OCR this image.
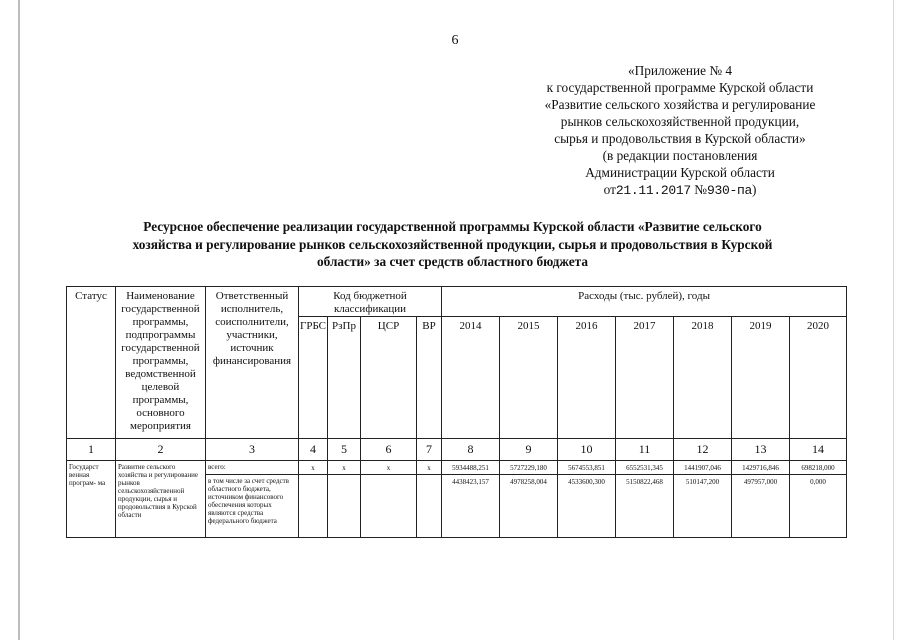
6
«Приложение № 4
к государственной программе Курской области
«Развитие сельского хозяйства и регулирование
рынков сельскохозяйственной продукции,
сырья и продовольствия в Курской области»
(в редакции постановления
Администрации Курской области
от21.11.2017 №930-па)
Ресурсное обеспечение реализации государственной программы Курской области «Развитие сельского
хозяйства и регулирование рынков сельскохозяйственной продукции, сырья и продовольствия в Курской
области» за счет средств областного бюджета
Статус	Наименование государственной программы, подпрограммы государственной программы, ведомственной целевой программы, основного мероприятия	Ответственный исполнитель, соисполнители, участники, источник финансирования	Код бюджетной классификации				Расходы (тыс. рублей), годы						
			ГРБС	РзПр	ЦСР	ВР	2014	2015	2016	2017	2018	2019	2020
1	2	3	4	5	6	7	8	9	10	11	12	13	14
Государст венная програм- ма	Развитие сельского хозяйства и регулирование рынков сельскохозяйственной продукции, сырья и продовольствия в Курской области	всего:	х	х	х	х	5934488,251	5727229,180	5674553,851	6552531,345	1441907,046	1429716,846	698218,000
		в том числе за счет средств областного бюджета, источником финансового обеспечения которых являются средства федерального бюджета					4438423,157	4978258,004	4533600,300	5150822,468	510147,200	497957,000	0,000
